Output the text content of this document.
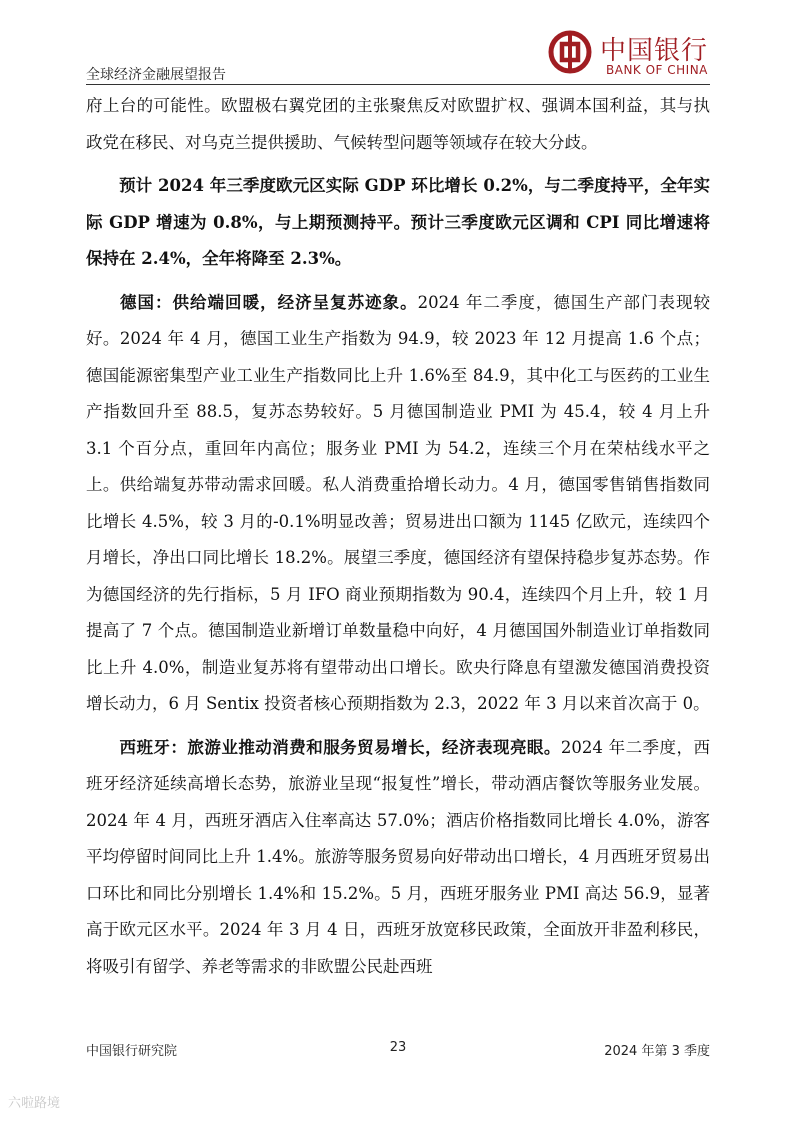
全球经济金融展望报告
中国银行
BANK OF CHINA

府上台的可能性。欧盟极右翼党团的主张聚焦反对欧盟扩权、强调本国利益，其与执政党在移民、对乌克兰提供援助、气候转型问题等领域存在较大分歧。

预计 2024 年三季度欧元区实际 GDP 环比增长 0.2%，与二季度持平，全年实际 GDP 增速为 0.8%，与上期预测持平。预计三季度欧元区调和 CPI 同比增速将保持在 2.4%，全年将降至 2.3%。

德国：供给端回暖，经济呈复苏迹象。2024 年二季度，德国生产部门表现较好。2024 年 4 月，德国工业生产指数为 94.9，较 2023 年 12 月提高 1.6 个点；德国能源密集型产业工业生产指数同比上升 1.6%至 84.9，其中化工与医药的工业生产指数回升至 88.5，复苏态势较好。5 月德国制造业 PMI 为 45.4，较 4 月上升 3.1 个百分点，重回年内高位；服务业 PMI 为 54.2，连续三个月在荣枯线水平之上。供给端复苏带动需求回暖。私人消费重拾增长动力。4 月，德国零售销售指数同比增长 4.5%，较 3 月的-0.1%明显改善；贸易进出口额为 1145 亿欧元，连续四个月增长，净出口同比增长 18.2%。展望三季度，德国经济有望保持稳步复苏态势。作为德国经济的先行指标，5 月 IFO 商业预期指数为 90.4，连续四个月上升，较 1 月提高了 7 个点。德国制造业新增订单数量稳中向好，4 月德国国外制造业订单指数同比上升 4.0%，制造业复苏将有望带动出口增长。欧央行降息有望激发德国消费投资增长动力，6 月 Sentix 投资者核心预期指数为 2.3，2022 年 3 月以来首次高于 0。

西班牙：旅游业推动消费和服务贸易增长，经济表现亮眼。2024 年二季度，西班牙经济延续高增长态势，旅游业呈现“报复性”增长，带动酒店餐饮等服务业发展。2024 年 4 月，西班牙酒店入住率高达 57.0%；酒店价格指数同比增长 4.0%，游客平均停留时间同比上升 1.4%。旅游等服务贸易向好带动出口增长，4 月西班牙贸易出口环比和同比分别增长 1.4%和 15.2%。5 月，西班牙服务业 PMI 高达 56.9，显著高于欧元区水平。2024 年 3 月 4 日，西班牙放宽移民政策，全面放开非盈利移民，将吸引有留学、养老等需求的非欧盟公民赴西班

中国银行研究院	23	2024 年第 3 季度
六啦路境
